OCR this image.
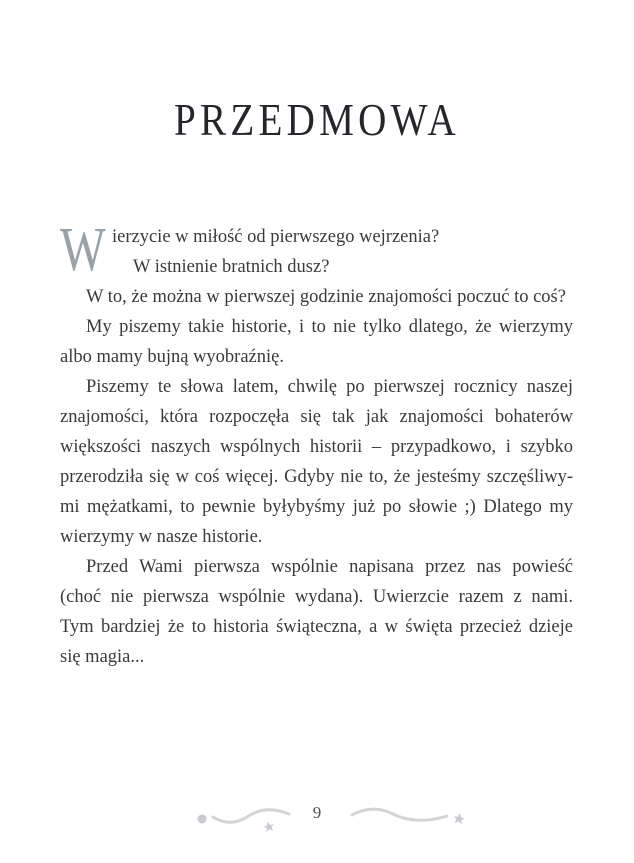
PRZEDMOWA
W ierzycie w miłość od pierwszego wejrzenia?
W istnienie bratnich dusz?
W to, że można w pierwszej godzinie znajomości poczuć to coś?
My piszemy takie historie, i to nie tylko dlatego, że wierzymy
albo mamy bujną wyobraźnię.
Piszemy te słowa latem, chwilę po pierwszej rocznicy naszej
znajomości, która rozpoczęła się tak jak znajomości bohaterów
większości naszych wspólnych historii – przypadkowo, i szybko
przerodziła się w coś więcej. Gdyby nie to, że jesteśmy szczęśliwy-
mi mężatkami, to pewnie byłybyśmy już po słowie ;) Dlatego my
wierzymy w nasze historie.
Przed Wami pierwsza wspólnie napisana przez nas powieść
(choć nie pierwsza wspólnie wydana). Uwierzcie razem z nami.
Tym bardziej że to historia świąteczna, a w święta przecież dzieje
się magia...
9
